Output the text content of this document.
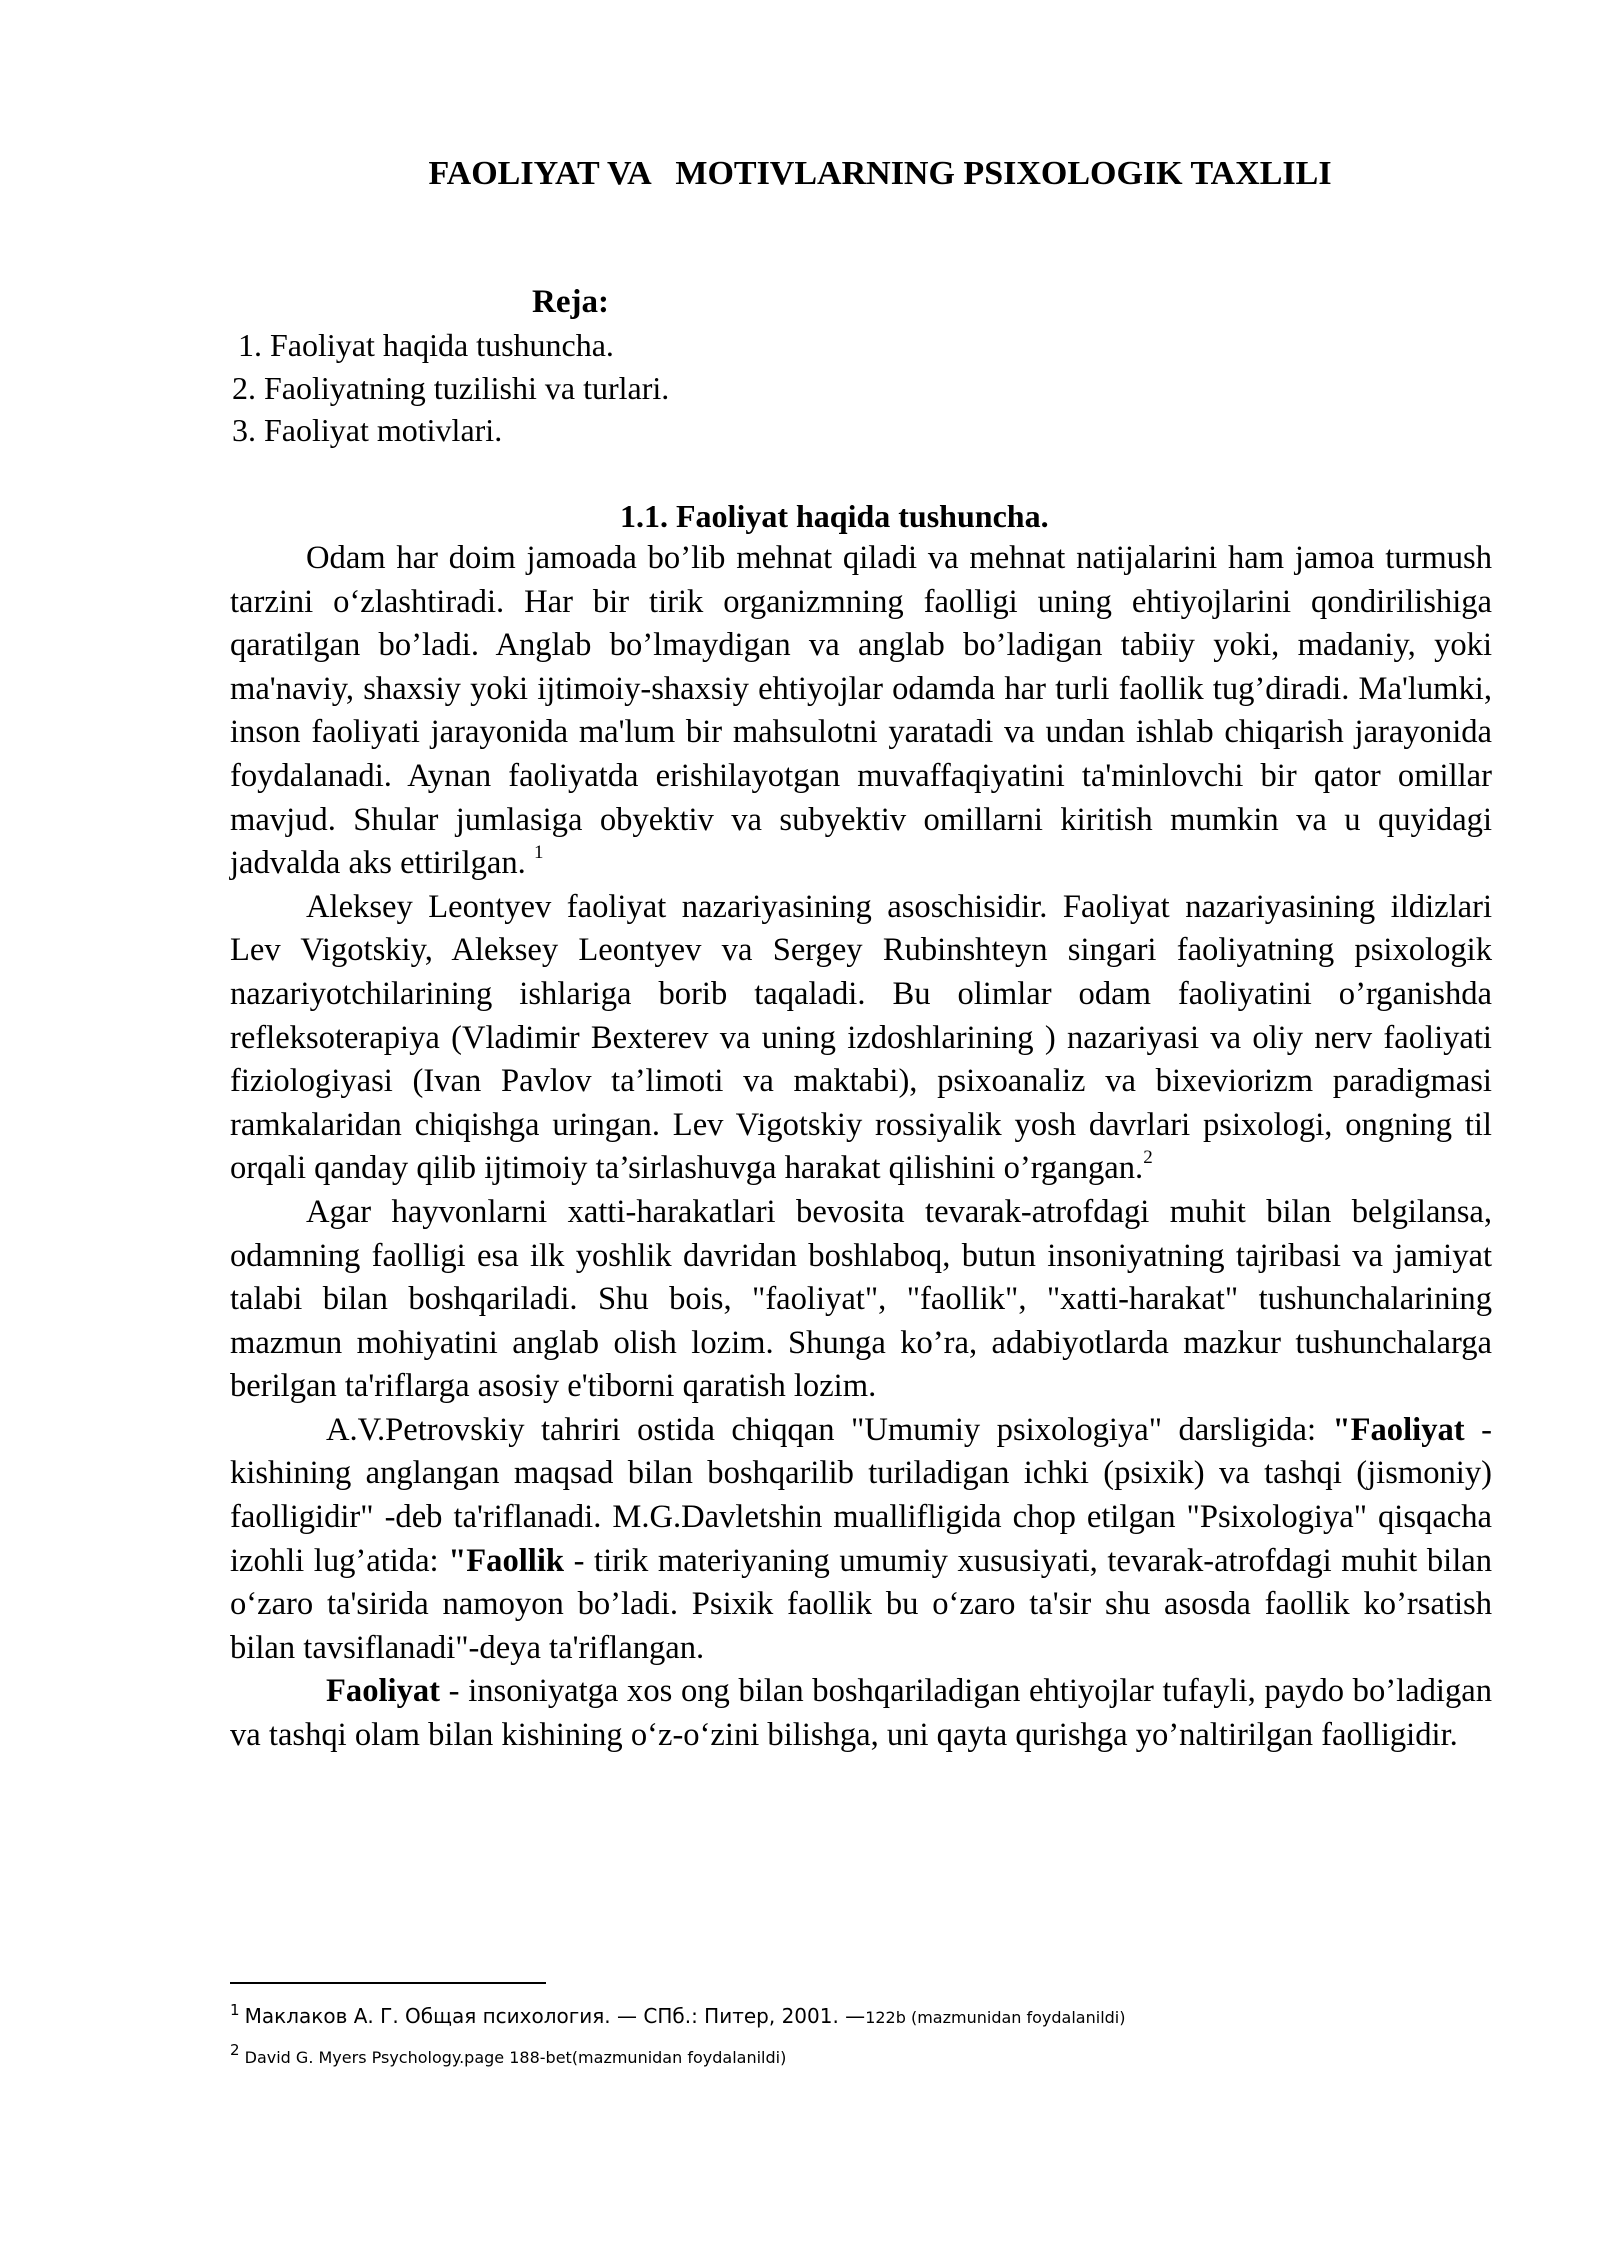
FAOLIYAT VA   MOTIVLARNING PSIXOLOGIK TAXLILI
Reja:
1. Faoliyat haqida tushuncha.
2. Faoliyatning tuzilishi va turlari.
3. Faoliyat motivlari.
1.1. Faoliyat haqida tushuncha.

Odam har doim jamoada bo’lib mehnat qiladi va mehnat natijalarini ham jamoa turmush tarzini o‘zlashtiradi. Har bir tirik organizmning faolligi uning ehtiyojlarini qondirilishiga qaratilgan bo’ladi. Anglab bo’lmaydigan va anglab bo’ladigan tabiiy yoki, madaniy, yoki ma'naviy, shaxsiy yoki ijtimoiy-shaxsiy ehtiyojlar odamda har turli faollik tug’diradi. Ma'lumki, inson faoliyati jarayonida ma'lum bir mahsulotni yaratadi va undan ishlab chiqarish jarayonida foydalanadi. Aynan faoliyatda erishilayotgan muvaffaqiyatini ta'minlovchi bir qator omillar mavjud. Shular jumlasiga obyektiv va subyektiv omillarni kiritish mumkin va u quyidagi jadvalda aks ettirilgan. $^1$

Aleksey Leontyev faoliyat nazariyasining asoschisidir. Faoliyat nazariyasining ildizlari Lev Vigotskiy, Aleksey Leontyev va Sergey Rubinshteyn singari faoliyatning psixologik nazariyotchilarining ishlariga borib taqaladi. Bu olimlar odam faoliyatini o’rganishda refleksoterapiya (Vladimir Bexterev va uning izdoshlarining ) nazariyasi va oliy nerv faoliyati fiziologiyasi (Ivan Pavlov ta’limoti va maktabi), psixoanaliz va bixeviorizm paradigmasi ramkalaridan chiqishga uringan. Lev Vigotskiy rossiyalik yosh davrlari psixologi, ongning til orqali qanday qilib ijtimoiy ta’sirlashuvga harakat qilishini o’rgangan.$^2$

Agar hayvonlarni xatti-harakatlari bevosita tevarak-atrofdagi muhit bilan belgilansa, odamning faolligi esa ilk yoshlik davridan boshlaboq, butun insoniyatning tajribasi va jamiyat talabi bilan boshqariladi. Shu bois, "faoliyat", "faollik", "xatti-harakat" tushunchalarining mazmun mohiyatini anglab olish lozim. Shunga ko’ra, adabiyotlarda mazkur tushunchalarga berilgan ta'riflarga asosiy e'tiborni qaratish lozim.

A.V.Petrovskiy tahriri ostida chiqqan "Umumiy psixologiya" darsligida: "Faoliyat - kishining anglangan maqsad bilan boshqarilib turiladigan ichki (psixik) va tashqi (jismoniy) faolligidir" -deb ta'riflanadi. M.G.Davletshin muallifligida chop etilgan "Psixologiya" qisqacha izohli lug’atida: "Faollik - tirik materiyaning umumiy xususiyati, tevarak-atrofdagi muhit bilan o‘zaro ta'sirida namoyon bo’ladi. Psixik faollik bu o‘zaro ta'sir shu asosda faollik ko’rsatish bilan tavsiflanadi"-deya ta'riflangan.

Faoliyat - insoniyatga xos ong bilan boshqariladigan ehtiyojlar tufayli, paydo bo’ladigan va tashqi olam bilan kishining o‘z-o‘zini bilishga, uni qayta qurishga yo’naltirilgan faolligidir.

1 Маклаков А. Г. Общая психология. — СПб.: Питер, 2001. —122b (mazmunidan foydalanildi)
2 David G. Myers Psychology.page 188-bet(mazmunidan foydalanildi)
